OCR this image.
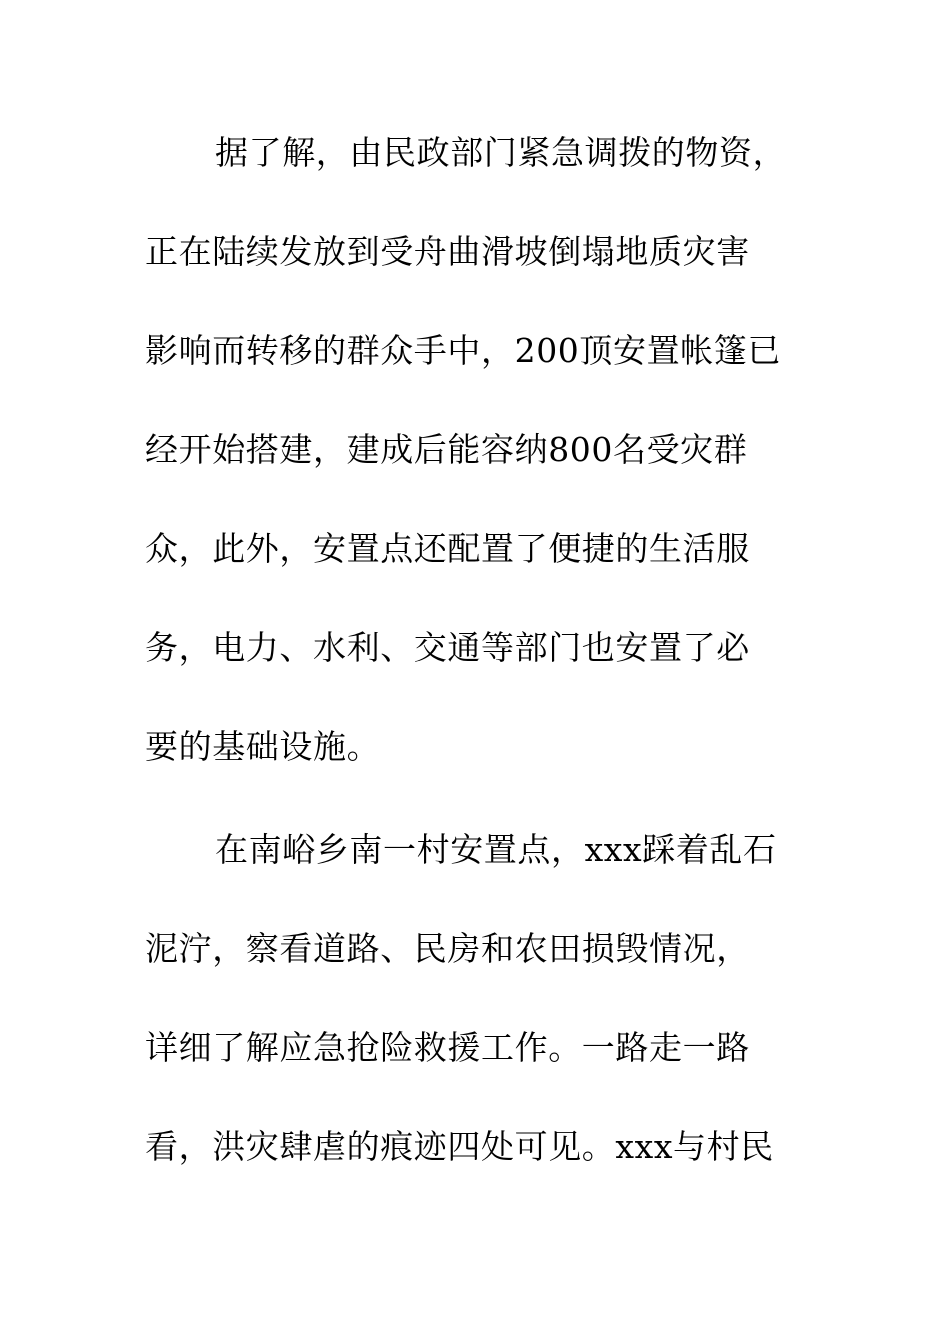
据了解，由民政部门紧急调拨的物资，
正在陆续发放到受舟曲滑坡倒塌地质灾害
影响而转移的群众手中，200顶安置帐篷已
经开始搭建，建成后能容纳800名受灾群
众，此外，安置点还配置了便捷的生活服
务，电力、水利、交通等部门也安置了必
要的基础设施。
在南峪乡南一村安置点，xxx踩着乱石
泥泞，察看道路、民房和农田损毁情况，
详细了解应急抢险救援工作。一路走一路
看，洪灾肆虐的痕迹四处可见。xxx与村民
